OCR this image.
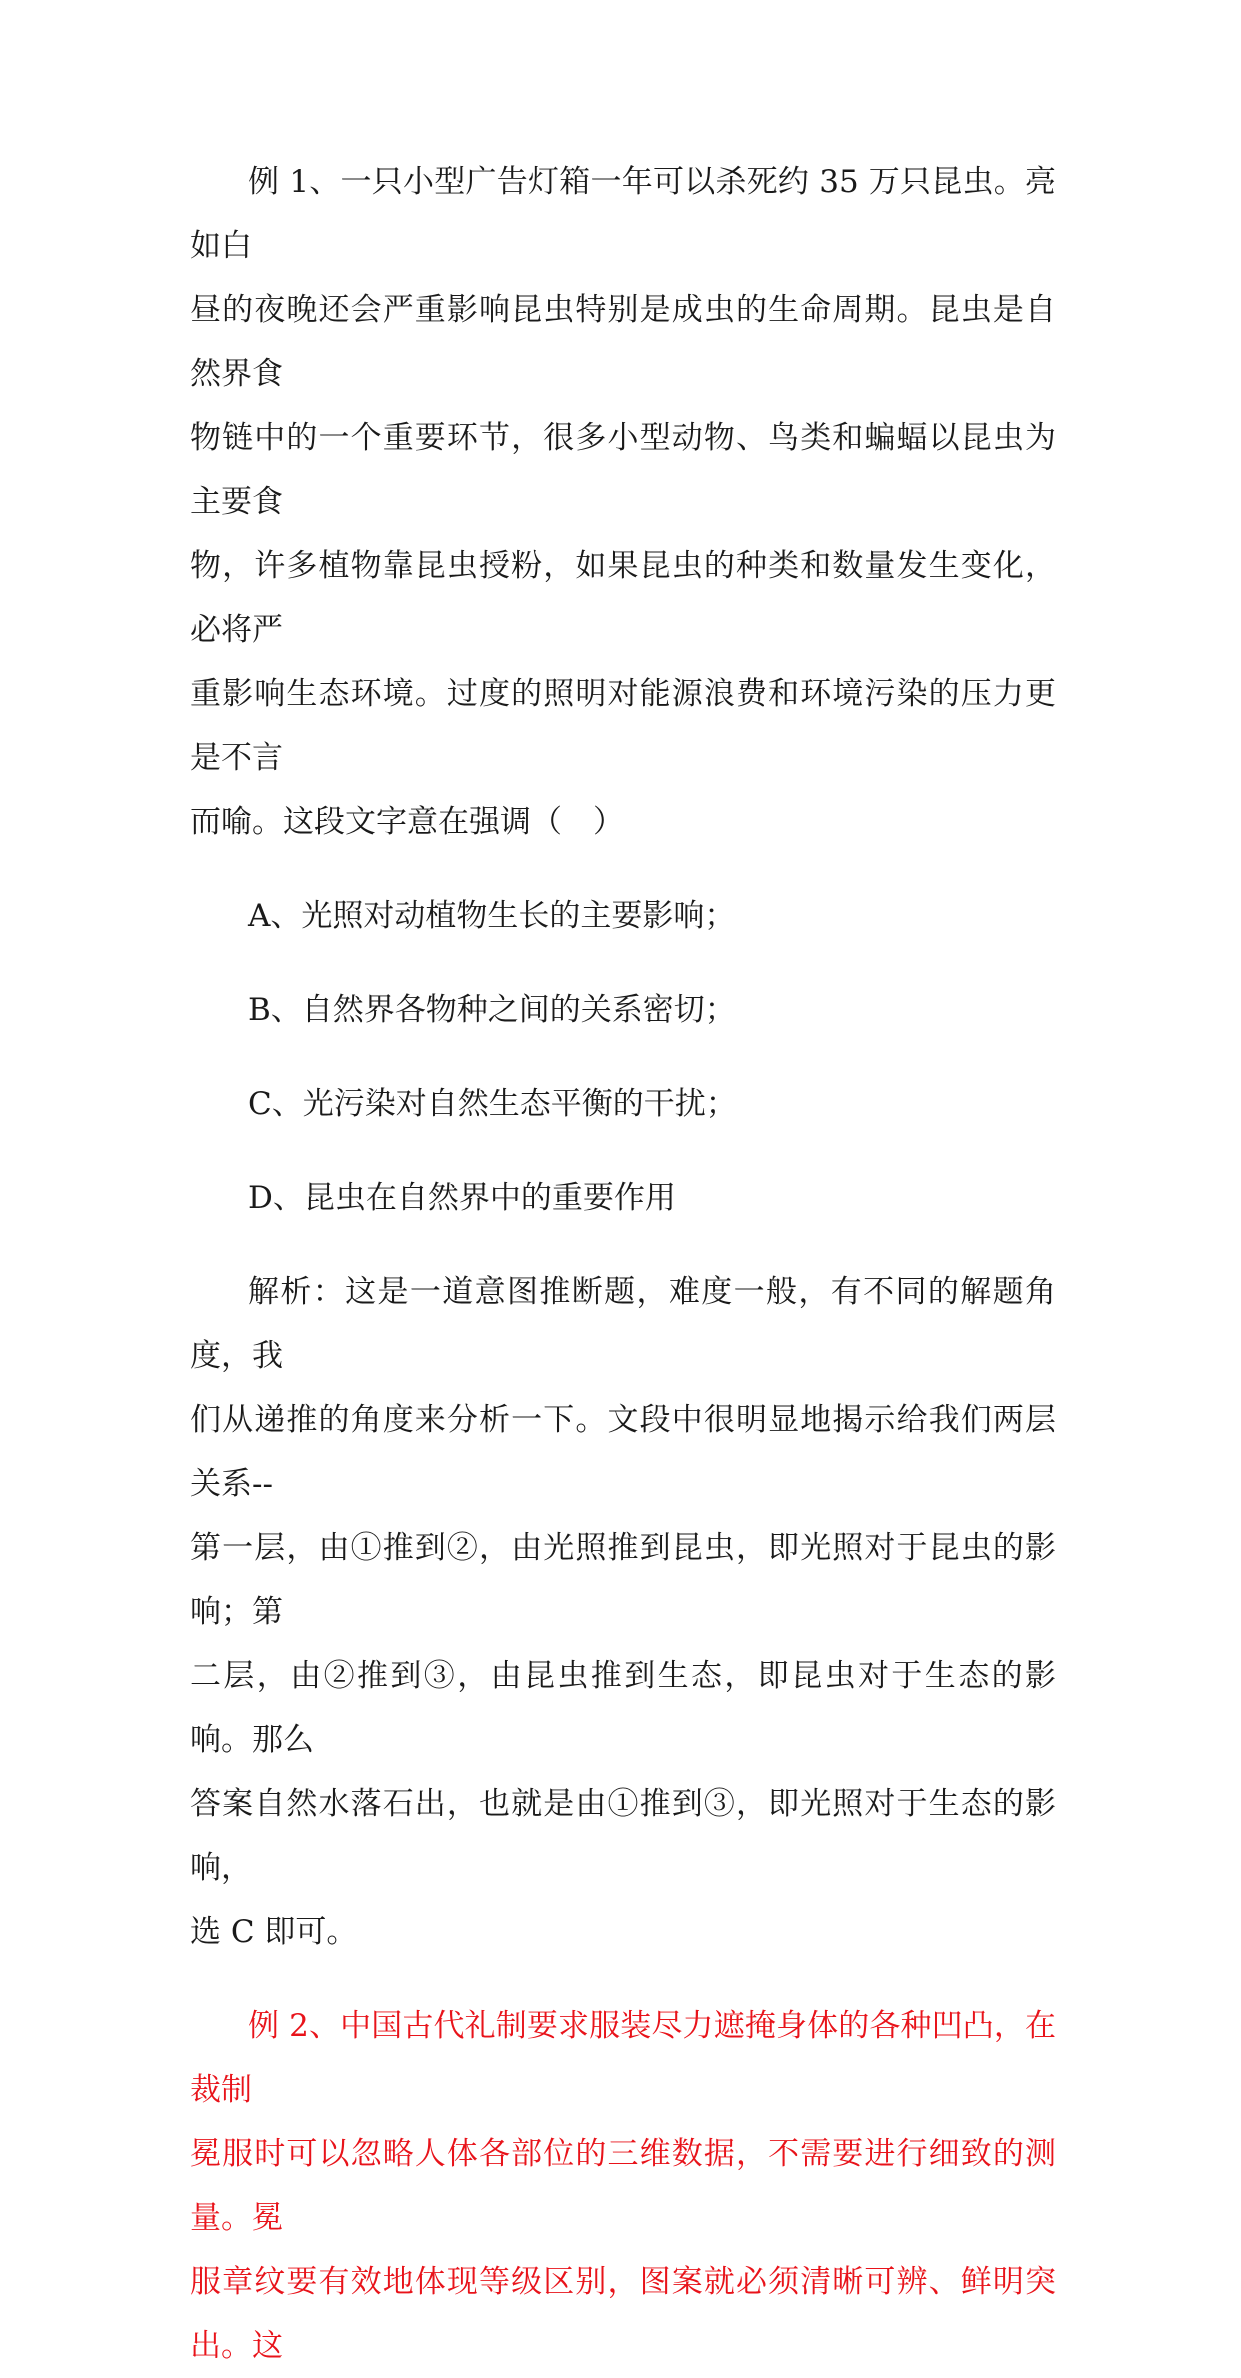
例 1、一只小型广告灯箱一年可以杀死约 35 万只昆虫。亮如白
昼的夜晚还会严重影响昆虫特别是成虫的生命周期。昆虫是自然界食
物链中的一个重要环节，很多小型动物、鸟类和蝙蝠以昆虫为主要食
物，许多植物靠昆虫授粉，如果昆虫的种类和数量发生变化，必将严
重影响生态环境。过度的照明对能源浪费和环境污染的压力更是不言
而喻。这段文字意在强调（　）
A、光照对动植物生长的主要影响；
B、自然界各物种之间的关系密切；
C、光污染对自然生态平衡的干扰；
D、昆虫在自然界中的重要作用
解析：这是一道意图推断题，难度一般，有不同的解题角度，我
们从递推的角度来分析一下。文段中很明显地揭示给我们两层关系--
第一层，由①推到②，由光照推到昆虫，即光照对于昆虫的影响；第
二层，由②推到③，由昆虫推到生态，即昆虫对于生态的影响。那么
答案自然水落石出，也就是由①推到③，即光照对于生态的影响，
选 C 即可。
例 2、中国古代礼制要求服装尽力遮掩身体的各种凹凸，在裁制
冕服时可以忽略人体各部位的三维数据，不需要进行细致的测量。冕
服章纹要有效地体现等级区别，图案就必须清晰可辨、鲜明突出。这
